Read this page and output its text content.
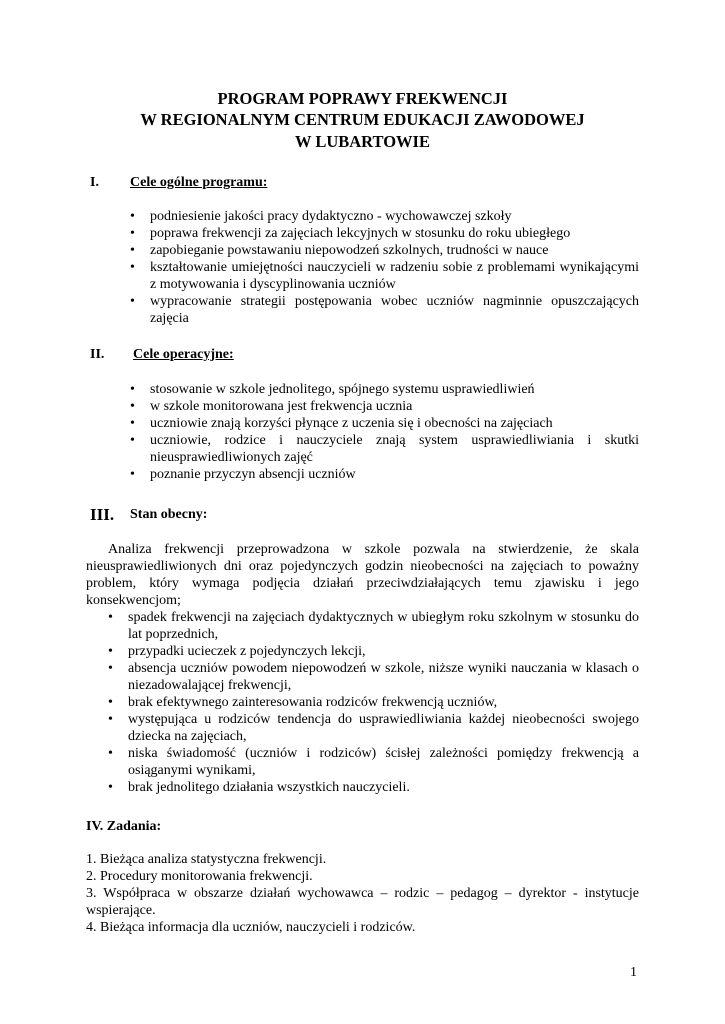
PROGRAM POPRAWY FREKWENCJI
W REGIONALNYM CENTRUM EDUKACJI ZAWODOWEJ
W LUBARTOWIE
I. Cele ogólne programu:
• podniesienie jakości pracy dydaktyczno - wychowawczej szkoły
• poprawa frekwencji za zajęciach lekcyjnych w stosunku do roku ubiegłego
• zapobieganie powstawaniu niepowodzeń szkolnych, trudności w nauce
• kształtowanie umiejętności nauczycieli w radzeniu sobie z problemami wynikającymi z motywowania i dyscyplinowania uczniów
• wypracowanie strategii postępowania wobec uczniów nagminnie opuszczających zajęcia
II. Cele operacyjne:
• stosowanie w szkole jednolitego, spójnego systemu usprawiedliwień
• w szkole monitorowana jest frekwencja ucznia
• uczniowie znają korzyści płynące z uczenia się i obecności na zajęciach
• uczniowie, rodzice i nauczyciele znają system usprawiedliwiania i skutki nieusprawiedliwionych zajęć
• poznanie przyczyn absencji uczniów
III. Stan obecny:
Analiza frekwencji przeprowadzona w szkole pozwala na stwierdzenie, że skala nieusprawiedliwionych dni oraz pojedynczych godzin nieobecności na zajęciach to poważny problem, który wymaga podjęcia działań przeciwdziałających temu zjawisku i jego konsekwencjom;
• spadek frekwencji na zajęciach dydaktycznych w ubiegłym roku szkolnym w stosunku do lat poprzednich,
• przypadki ucieczek z pojedynczych lekcji,
• absencja uczniów powodem niepowodzeń w szkole, niższe wyniki nauczania w klasach o niezadowalającej frekwencji,
• brak efektywnego zainteresowania rodziców frekwencją uczniów,
• występująca u rodziców tendencja do usprawiedliwiania każdej nieobecności swojego dziecka na zajęciach,
• niska świadomość (uczniów i rodziców) ścisłej zależności pomiędzy frekwencją a osiąganymi wynikami,
• brak jednolitego działania wszystkich nauczycieli.
IV. Zadania:
1. Bieżąca analiza statystyczna frekwencji.
2. Procedury monitorowania frekwencji.
3. Współpraca w obszarze działań wychowawca – rodzic – pedagog – dyrektor - instytucje wspierające.
4. Bieżąca informacja dla uczniów, nauczycieli i rodziców.
1
